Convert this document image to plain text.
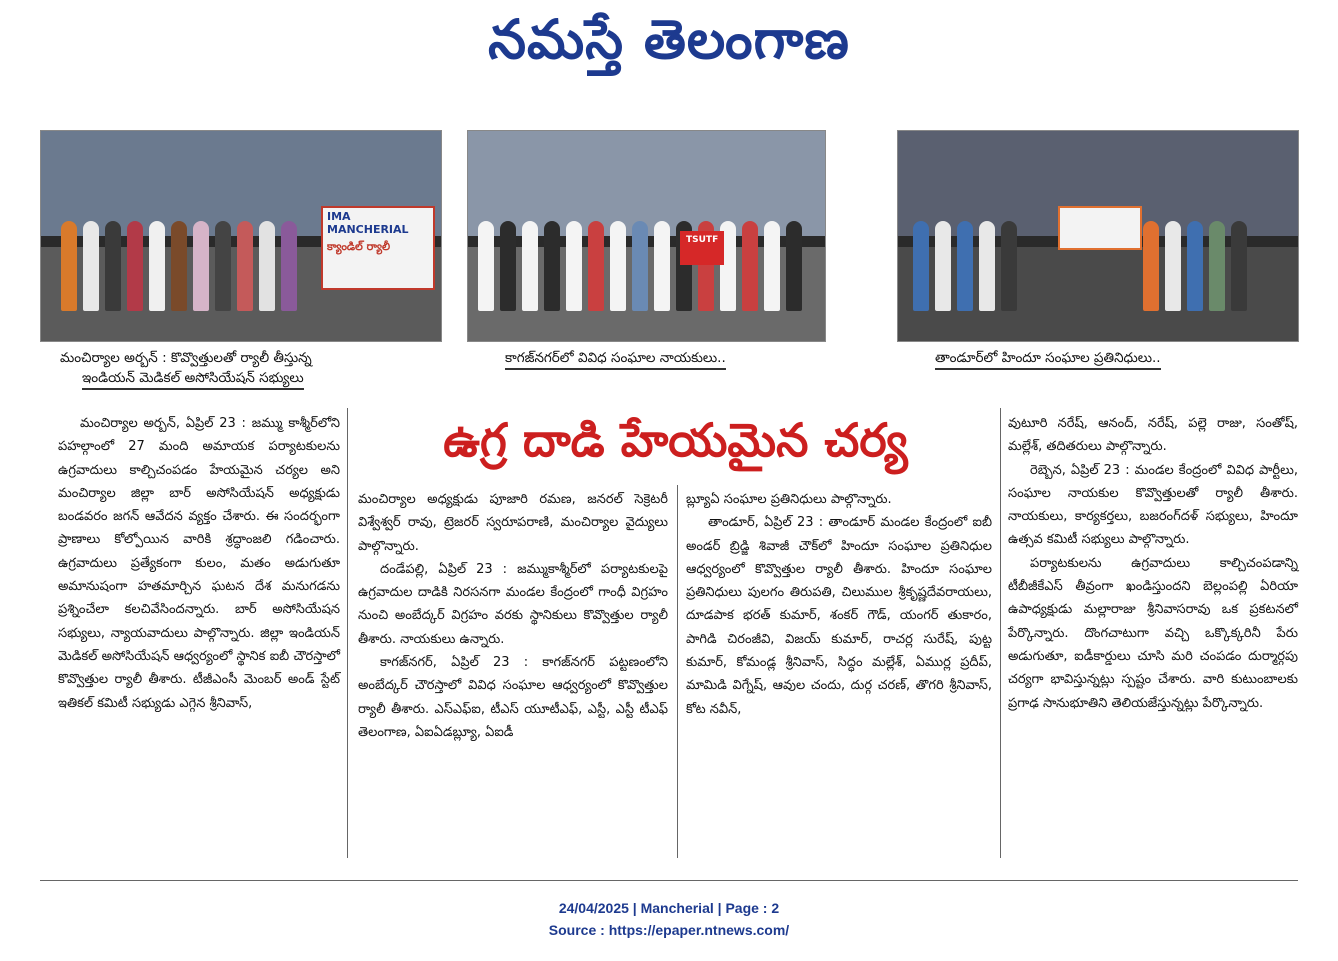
నమస్తే తెలంగాణ
IMA MANCHERIAL
క్యాండిల్ ర్యాలీ	TSUTF
మంచిర్యాల అర్బన్ : కొవ్వొత్తులతో ర్యాలీ తీస్తున్న
ఇండియన్ మెడికల్ అసోసియేషన్ సభ్యులు
కాగజ్‌నగర్‌లో వివిధ సంఘాల నాయకులు..	తాండూర్‌లో హిందూ సంఘాల ప్రతినిధులు..
ఉగ్ర దాడి హేయమైన చర్య

మంచిర్యాల అర్బన్, ఏప్రిల్ 23 : జమ్ము కాశ్మీర్‌లోని పహల్గాంలో 27 మంది అమాయక పర్యాటకులను ఉగ్రవాదులు కాల్చిచంపడం హేయమైన చర్యల అని మంచిర్యాల జిల్లా బార్ అసోసియేషన్ అధ్యక్షుడు బండవరం జగన్ ఆవేదన వ్యక్తం చేశారు. ఈ సందర్భంగా ప్రాణాలు కోల్పోయిన వారికి శ్రద్ధాంజలి గడించారు. ఉగ్రవాదులు ప్రత్యేకంగా కులం, మతం అడుగుతూ అమానుషంగా హతమార్చిన ఘటన దేశ మనుగడను ప్రశ్నించేలా కలచివేసిందన్నారు. బార్ అసోసియేషన సభ్యులు, న్యాయవాదులు పాల్గొన్నారు. జిల్లా ఇండియన్ మెడికల్ అసోసియేషన్ ఆధ్వర్యంలో స్థానిక ఐబీ చౌరస్తాలో కొవ్వొత్తుల ర్యాలీ తీశారు. టీజీఎంసీ మెంబర్ అండ్ స్టేట్ ఇతికల్ కమిటీ సభ్యుడు ఎగ్గెన శ్రీనివాస్,

మంచిర్యాల అధ్యక్షుడు పూజారి రమణ, జనరల్ సెక్రెటరీ విశ్వేశ్వర్ రావు, ట్రెజరర్ స్వరూపరాణి, మంచిర్యాల వైద్యులు పాల్గొన్నారు.

దండేపల్లి, ఏప్రిల్ 23 : జమ్ముకాశ్మీర్‌లో పర్యాటకులపై ఉగ్రవాదుల దాడికి నిరసనగా మండల కేంద్రంలో గాంధీ విగ్రహం నుంచి అంబేద్కర్ విగ్రహం వరకు స్థానికులు కొవ్వొత్తుల ర్యాలీ తీశారు. నాయకులు ఉన్నారు.

కాగజ్‌నగర్, ఏప్రిల్ 23 : కాగజ్‌నగర్ పట్టణంలోని అంబేద్కర్ చౌరస్తాలో వివిధ సంఘాల ఆధ్వర్యంలో కొవ్వొత్తుల ర్యాలీ తీశారు. ఎస్‌ఎఫ్ఐ, టీఎస్ యూటీఎఫ్, ఎస్టీ, ఎస్టీ టీఎఫ్ తెలంగాణ, ఏఐఏడబ్ల్యూ, ఏఐడీ

బ్ల్యూఏ సంఘాల ప్రతినిధులు పాల్గొన్నారు.

తాండూర్, ఏప్రిల్ 23 : తాండూర్ మండల కేంద్రంలో ఐబీ అండర్ బ్రిడ్జి శివాజీ చౌక్‌లో హిందూ సంఘాల ప్రతినిధుల ఆధ్వర్యంలో కొవ్వొత్తుల ర్యాలీ తీశారు. హిందూ సంఘాల ప్రతినిధులు పులగం తిరుపతి, చిలుముల శ్రీకృష్ణదేవరాయలు, దూడపాక భరత్ కుమార్, శంకర్ గౌడ్, యంగర్ తుకారం, పాగిడి చిరంజీవి, విజయ్ కుమార్, రాచర్ల సురేష్, పుట్ట కుమార్, కోమండ్ల శ్రీనివాస్, సిద్ధం మల్లేశ్, ఏముర్ల ప్రదీప్, మామిడి విగ్నేష్, ఆవుల చందు, దుర్గ చరణ్, తొగరి శ్రీనివాస్, కోట నవీన్,

వుటూరి నరేష్, ఆనంద్, నరేష్, పల్లె రాజు, సంతోష్, మల్లేశ్, తదితరులు పాల్గొన్నారు.

రెబ్బెన, ఏప్రిల్ 23 : మండల కేంద్రంలో వివిధ పార్టీలు, సంఘాల నాయకుల కొవ్వొత్తులతో ర్యాలీ తీశారు. నాయకులు, కార్యకర్తలు, బజరంగ్‌దళ్ సభ్యులు, హిందూ ఉత్సవ కమిటీ సభ్యులు పాల్గొన్నారు.

పర్యాటకులను ఉగ్రవాదులు కాల్చిచంపడాన్ని టీబీజీకేఎస్ తీవ్రంగా ఖండిస్తుందని బెల్లంపల్లి ఏరియా ఉపాధ్యక్షుడు మల్లారాజు శ్రీనివాసరావు ఒక ప్రకటనలో పేర్కొన్నారు. దొంగచాటుగా వచ్చి ఒక్కొక్కరినీ పేరు అడుగుతూ, ఐడీకార్డులు చూసి మరి చంపడం దుర్మార్గపు చర్యగా భావిస్తున్నట్లు స్పష్టం చేశారు. వారి కుటుంబాలకు ప్రగాఢ సానుభూతిని తెలియజేస్తున్నట్లు పేర్కొన్నారు.

24/04/2025 | Mancherial | Page : 2
Source : https://epaper.ntnews.com/
